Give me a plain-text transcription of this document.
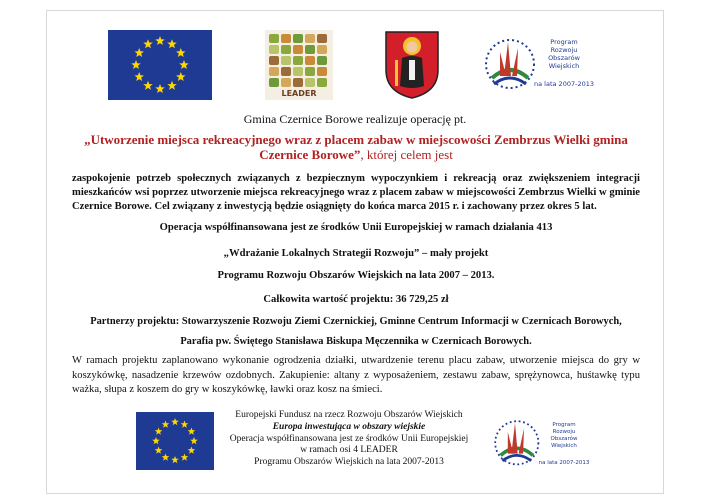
LEADER
Program
Rozwoju
Obszarów
Wiejskich
na lata 2007-2013
Gmina Czernice Borowe realizuje operację pt.
„Utworzenie miejsca rekreacyjnego wraz z placem zabaw w miejscowości Zembrzus Wielki gmina Czernice Borowe”, której celem jest
zaspokojenie potrzeb społecznych związanych z bezpiecznym wypoczynkiem i rekreacją oraz zwiększeniem integracji mieszkańców wsi poprzez utworzenie miejsca rekreacyjnego wraz z placem zabaw w miejscowości Zembrzus Wielki w gminie Czernice Borowe. Cel związany z inwestycją będzie osiągnięty do końca marca 2015 r. i zachowany przez okres 5 lat.
Operacja współfinansowana jest ze środków Unii Europejskiej w ramach działania 413
„Wdrażanie Lokalnych Strategii Rozwoju” – mały projekt
Programu Rozwoju Obszarów Wiejskich na lata 2007 – 2013.
Całkowita wartość projektu: 36 729,25 zł
Partnerzy projektu: Stowarzyszenie Rozwoju Ziemi Czernickiej, Gminne Centrum Informacji w Czernicach Borowych,
Parafia pw. Świętego Stanisława Biskupa Męczennika w Czernicach Borowych.
W ramach projektu zaplanowano wykonanie ogrodzenia działki, utwardzenie terenu placu zabaw, utworzenie miejsca do gry w koszykówkę, nasadzenie krzewów ozdobnych. Zakupienie: altany z wyposażeniem, zestawu zabaw, sprężynowca, huśtawkę typu ważka, słupa z koszem do gry w koszykówkę, ławki oraz kosz na śmieci.
Europejski Fundusz na rzecz Rozwoju Obszarów Wiejskich
Europa inwestująca w obszary wiejskie
Operacja współfinansowana jest ze środków Unii Europejskiej
w ramach osi 4 LEADER
Programu Obszarów Wiejskich na lata 2007-2013
Program
Rozwoju
Obszarów
Wiejskich
na lata 2007-2013
